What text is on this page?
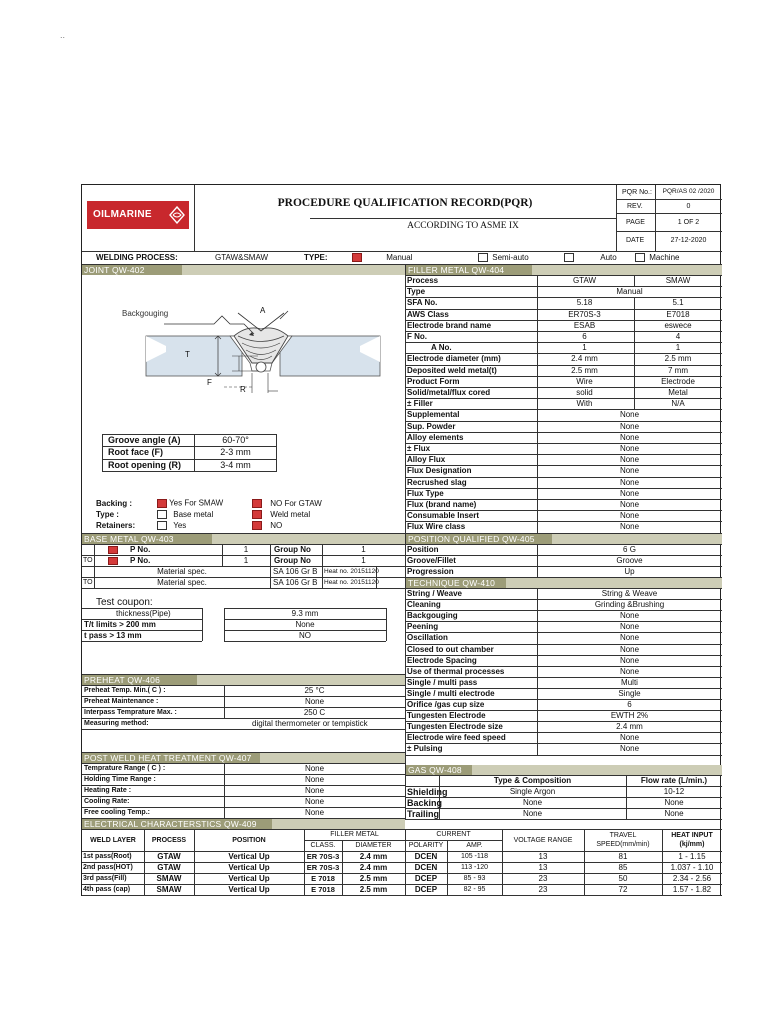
..
OILMARINE
PROCEDURE QUALIFICATION RECORD(PQR)
ACCORDING TO ASME IX
PQR No.:	PQR/AS 02 /2020
REV.	0
PAGE	1 OF 2
DATE	27-12-2020
WELDING PROCESS:	GTAW&SMAW	TYPE:	Manual	Semi-auto	Auto	Machine
JOINT QW-402
Backgouging	A
T
F
R
Groove angle (A)	60-70°
Root face (F)	2-3 mm
Root opening (R)	3-4 mm
Backing :	Yes For SMAW	NO For GTAW
Type :	Base metal	Weld metal
Retainers:	Yes	NO
BASE METAL QW-403
P No.	1	Group No	1
TO	P No.	1	Group No	1
Material spec.	SA 106 Gr B Heat no. 20151120
TO	Material spec.	SA 106 Gr B Heat no. 20151120
Test coupon:
thickness(Pipe)	9.3 mm
T/t limits > 200 mm	None
t pass > 13 mm	NO
PREHEAT QW-406
Preheat Temp. Min.( C ) :	25 °C
Preheat Maintenance :	None
Interpass Temprature Max. :	250 C
Measuring method:	digital thermometer or tempistick
POST WELD HEAT TREATMENT QW-407
Temprature Range ( C ) :	None
Holding Time Range :	None
Heating Rate :	None
Cooling Rate:	None
Free cooling Temp.:	None
FILLER METAL QW-404
Process	GTAW	SMAW
Type	Manual
SFA No.	5.18	5.1
AWS Class	ER70S-3	E7018
Electrode brand name	ESAB	eswece
F No.	6	4
A No.	1	1
Electrode diameter (mm)	2.4 mm	2.5 mm
Deposited weld metal(t)	2.5 mm	7 mm
Product Form	Wire	Electrode
Solid/metal/flux cored	solid	Metal
± Filler	With	N/A
Supplemental	None
Sup. Powder	None
Alloy elements	None
± Flux	None
Alloy Flux	None
Flux Designation	None
Recrushed slag	None
Flux Type	None
Flux (brand name)	None
Consumable Insert	None
Flux Wire class	None
POSITION QUALIFIED QW-405
Position	6 G
Groove/Fillet	Groove
Progression	Up
TECHNIQUE QW-410
String / Weave	String & Weave
Cleaning	Grinding &Brushing
Backgouging	None
Peening	None
Oscillation	None
Closed to out chamber	None
Electrode Spacing	None
Use of thermal processes	None
Single / multi pass	Multi
Single / multi electrode	Single
Orifice /gas cup size	6
Tungesten Electrode	EWTH 2%
Tungesten Electrode size	2.4 mm
Electrode wire feed speed	None
± Pulsing	None
GAS QW-408
Type & Composition	Flow rate (L/min.)
Shielding	Single Argon	10-12
Backing	None	None
Trailing	None	None
ELECTRICAL CHARACTERSTICS QW-409
WELD LAYER	PROCESS	POSITION
FILLER METAL
CLASS.	DIAMETER
CURRENT
POLARITY	AMP.
VOLTAGE RANGE
TRAVEL
SPEED(mm/min)
HEAT INPUT
(kj/mm)
1st pass(Root)	GTAW	Vertical Up	ER 70S-3	2.4 mm	DCEN	105 -118	13	81	1 - 1.15
2nd pass(HOT)	GTAW	Vertical Up	ER 70S-3	2.4 mm	DCEN	113 -120	13	85	1.037 - 1.10
3rd pass(Fill)	SMAW	Vertical Up	E 7018	2.5 mm	DCEP	85 - 93	23	50	2.34 - 2.56
4th pass (cap)	SMAW	Vertical Up	E 7018	2.5 mm	DCEP	82 - 95	23	72	1.57 - 1.82
